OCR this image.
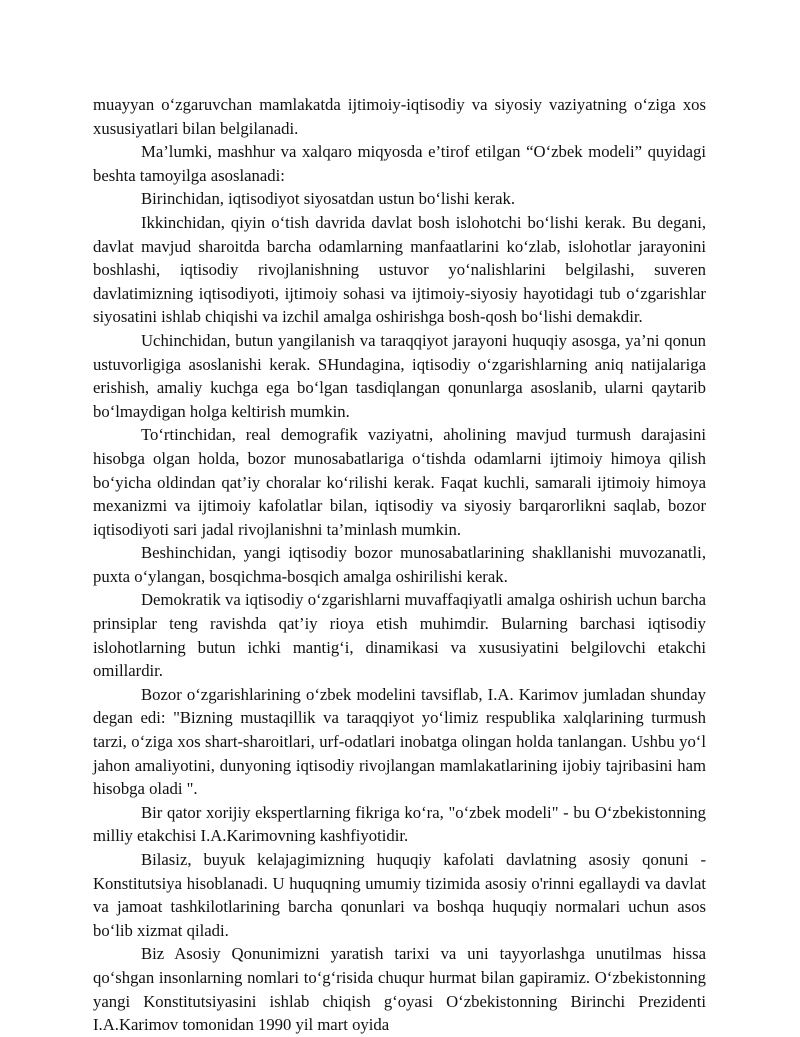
muayyan o‘zgaruvchan mamlakatda ijtimoiy-iqtisodiy va siyosiy vaziyatning o‘ziga xos xususiyatlari bilan belgilanadi.

Ma’lumki, mashhur va xalqaro miqyosda e’tirof etilgan “O‘zbek modeli” quyidagi beshta tamoyilga asoslanadi:

Birinchidan, iqtisodiyot siyosatdan ustun bo‘lishi kerak.

Ikkinchidan, qiyin o‘tish davrida davlat bosh islohotchi bo‘lishi kerak. Bu degani, davlat mavjud sharoitda barcha odamlarning manfaatlarini ko‘zlab, islohotlar jarayonini boshlashi, iqtisodiy rivojlanishning ustuvor yo‘nalishlarini belgilashi, suveren davlatimizning iqtisodiyoti, ijtimoiy sohasi va ijtimoiy-siyosiy hayotidagi tub o‘zgarishlar siyosatini ishlab chiqishi va izchil amalga oshirishga bosh-qosh bo‘lishi demakdir.

Uchinchidan, butun yangilanish va taraqqiyot jarayoni huquqiy asosga, ya’ni qonun ustuvorligiga asoslanishi kerak. SHundagina, iqtisodiy o‘zgarishlarning aniq natijalariga erishish, amaliy kuchga ega bo‘lgan tasdiqlangan qonunlarga asoslanib, ularni qaytarib bo‘lmaydigan holga keltirish mumkin.

To‘rtinchidan, real demografik vaziyatni, aholining mavjud turmush darajasini hisobga olgan holda, bozor munosabatlariga o‘tishda odamlarni ijtimoiy himoya qilish bo‘yicha oldindan qat’iy choralar ko‘rilishi kerak. Faqat kuchli, samarali ijtimoiy himoya mexanizmi va ijtimoiy kafolatlar bilan, iqtisodiy va siyosiy barqarorlikni saqlab, bozor iqtisodiyoti sari jadal rivojlanishni ta’minlash mumkin.

Beshinchidan, yangi iqtisodiy bozor munosabatlarining shakllanishi muvozanatli, puxta o‘ylangan, bosqichma-bosqich amalga oshirilishi kerak.

Demokratik va iqtisodiy o‘zgarishlarni muvaffaqiyatli amalga oshirish uchun barcha prinsiplar teng ravishda qat’iy rioya etish muhimdir. Bularning barchasi iqtisodiy islohotlarning butun ichki mantig‘i, dinamikasi va xususiyatini belgilovchi etakchi omillardir.

Bozor o‘zgarishlarining o‘zbek modelini tavsiflab, I.A. Karimov jumladan shunday degan edi: "Bizning mustaqillik va taraqqiyot yo‘limiz respublika xalqlarining turmush tarzi, o‘ziga xos shart-sharoitlari, urf-odatlari inobatga olingan holda tanlangan. Ushbu yo‘l jahon amaliyotini, dunyoning iqtisodiy rivojlangan mamlakatlarining ijobiy tajribasini ham hisobga oladi ".

Bir qator xorijiy ekspertlarning fikriga ko‘ra, "o‘zbek modeli" - bu O‘zbekistonning milliy etakchisi I.A.Karimovning kashfiyotidir.

Bilasiz, buyuk kelajagimizning huquqiy kafolati davlatning asosiy qonuni - Konstitutsiya hisoblanadi. U huquqning umumiy tizimida asosiy o'rinni egallaydi va davlat va jamoat tashkilotlarining barcha qonunlari va boshqa huquqiy normalari uchun asos bo‘lib xizmat qiladi.

Biz Asosiy Qonunimizni yaratish tarixi va uni tayyorlashga unutilmas hissa qo‘shgan insonlarning nomlari to‘g‘risida chuqur hurmat bilan gapiramiz. O‘zbekistonning yangi Konstitutsiyasini ishlab chiqish g‘oyasi O‘zbekistonning Birinchi Prezidenti I.A.Karimov tomonidan 1990 yil mart oyida
